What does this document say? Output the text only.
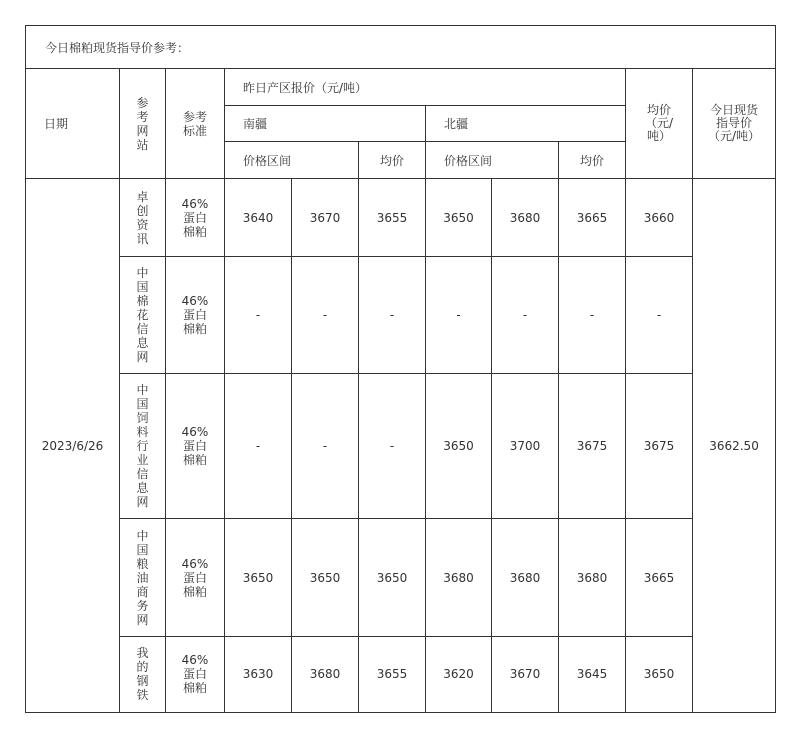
今日棉粕现货指导价参考：										
日期	参考网站	参考标准	昨日产区报价（元/吨）						均价（元/吨）	今日现货指导价（元/吨）
			南疆			北疆				
			价格区间		均价	价格区间		均价		
2023/6/26	卓创资讯	46%蛋白棉粕	3640	3670	3655	3650	3680	3665	3660	3662.50
	中国棉花信息网	46%蛋白棉粕	-	-	-	-	-	-	-	
	中国饲料行业信息网	46%蛋白棉粕	-	-	-	3650	3700	3675	3675	
	中国粮油商务网	46%蛋白棉粕	3650	3650	3650	3680	3680	3680	3665	
	我的钢铁	46%蛋白棉粕	3630	3680	3655	3620	3670	3645	3650	
